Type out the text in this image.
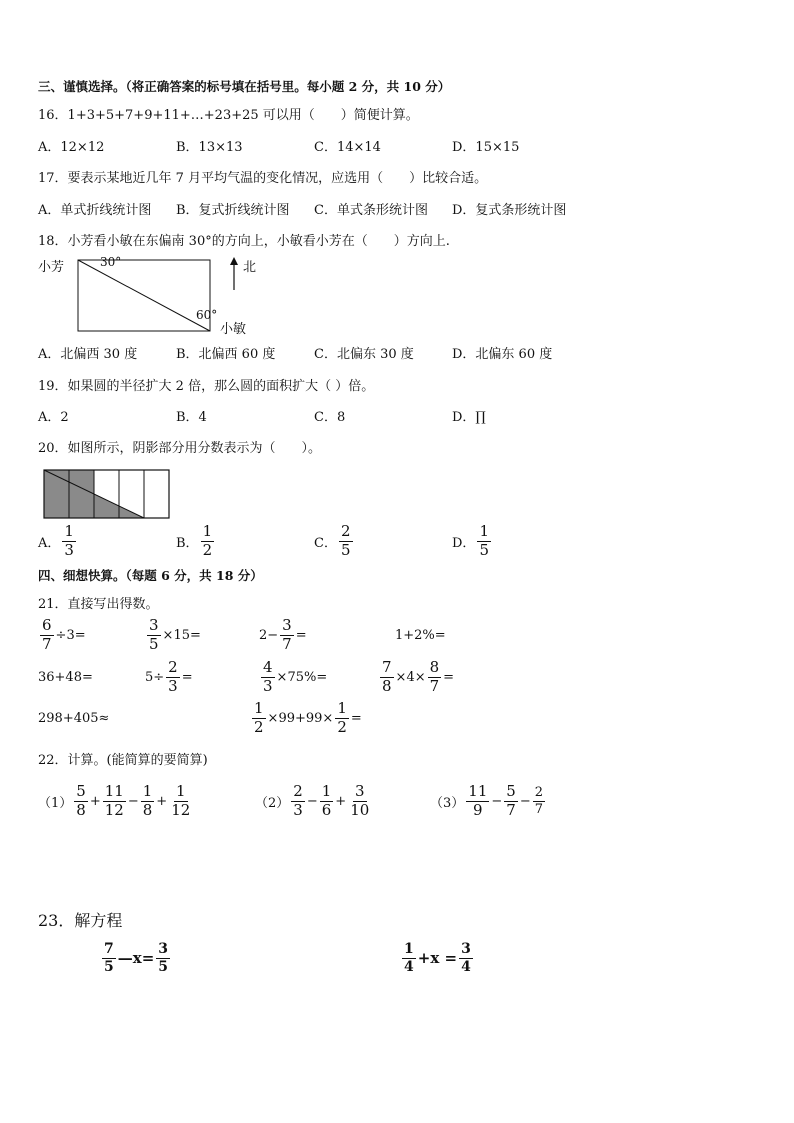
三、谨慎选择。（将正确答案的标号填在括号里。每小题 2 分，共 10 分）
16．1+3+5+7+9+11+…+23+25 可以用（　　）简便计算。
A．12×12	B．13×13	C．14×14	D．15×15
17．要表示某地近几年 7 月平均气温的变化情况，应选用（　　）比较合适。
A．单式折线统计图 B．复式折线统计图 C．单式条形统计图 D．复式条形统计图
18．小芳看小敏在东偏南 30°的方向上，小敏看小芳在（　　）方向上.
小芳	30°
60°
小敏
北
A．北偏西 30 度	B．北偏西 60 度	C．北偏东 30 度	D．北偏东 60 度
19．如果圆的半径扩大 2 倍，那么圆的面积扩大（ ）倍。
A．2	B．4	C．8	D．∏
20．如图所示，阴影部分用分数表示为（　　）。
A． $\frac{1}{3}$	B． $\frac{1}{2}$	C． $\frac{2}{5}$	D． $\frac{1}{5}$
四、细想快算。（每题 6 分，共 18 分）
21．直接写出得数。
$\frac{6}{7} \div 3=$	$\frac{3}{5} \times 15=$	$2- \frac{3}{7}$ =	1+2%=
36+48=	$5\div \frac{2}{3}$ =	$\frac{4}{3} \times 75\%=$	$\frac{7}{8} \times 4\times \frac{8}{7}$ =
298+405≈	$\frac{1}{2} \times 99+99\times \frac{1}{2}$ =
22．计算。(能简算的要简算)
$(1) \frac{5}{8} + \frac{11}{12} - \frac{1}{8} + \frac{1}{12}$	$(2) \frac{2}{3} - \frac{1}{6} + \frac{3}{10}$	$(3) \frac{11}{9} - \frac{5}{7} - \frac{2}{7}$
23．解方程
$\frac{7}{5}$ —x= $\frac{3}{5}$	$\frac{1}{4} +x = \frac{3}{4}$
